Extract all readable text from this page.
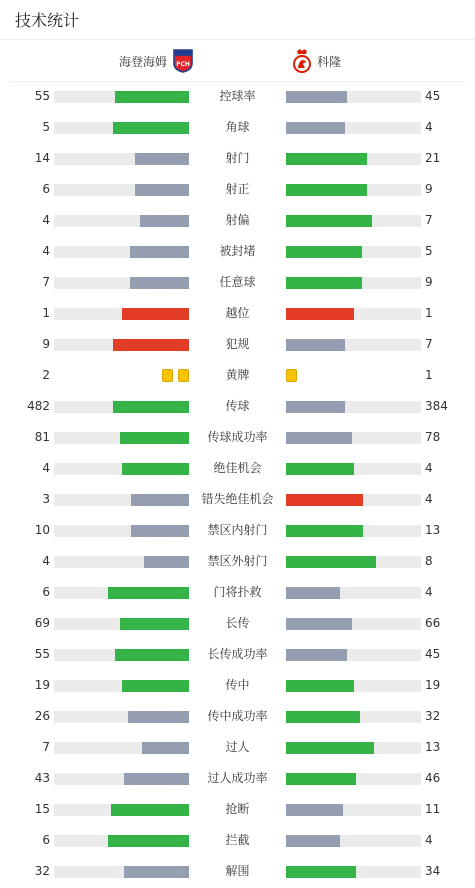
技术统计
海登海姆 FCH	科隆
55	控球率	45
5	角球	4
14	射门	21
6	射正	9
4	射偏	7
4	被封堵	5
7	任意球	9
1	越位	1
9	犯规	7
2	黄牌	1
482	传球	384
81	传球成功率	78
4	绝佳机会	4
3	错失绝佳机会	4
10	禁区内射门	13
4	禁区外射门	8
6	门将扑救	4
69	长传	66
55	长传成功率	45
19	传中	19
26	传中成功率	32
7	过人	13
43	过人成功率	46
15	抢断	11
6	拦截	4
32	解围	34
